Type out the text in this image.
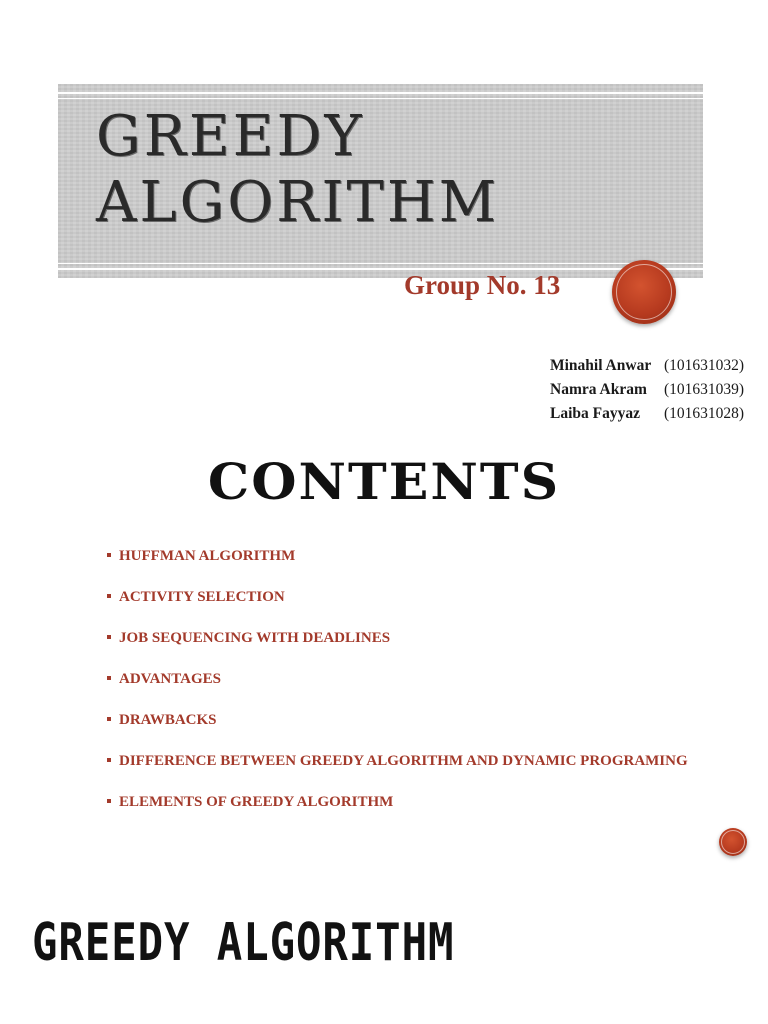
GREEDY
ALGORITHM
Group No. 13
Minahil Anwar (101631032)
Namra Akram	(101631039)
Laiba Fayyaz	(101631028)
CONTENTS
HUFFMAN ALGORITHM
ACTIVITY SELECTION
JOB SEQUENCING WITH DEADLINES
ADVANTAGES
DRAWBACKS
DIFFERENCE BETWEEN GREEDY ALGORITHM AND DYNAMIC PROGRAMING
ELEMENTS OF GREEDY ALGORITHM
GREEDY ALGORITHM
